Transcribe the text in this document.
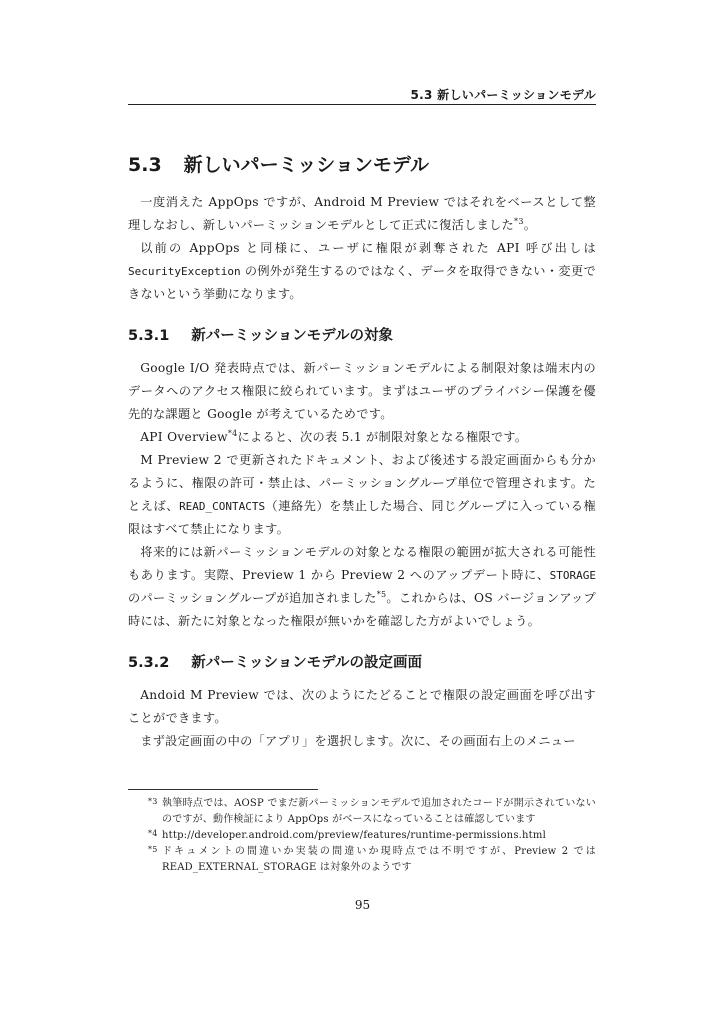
5.3 新しいパーミッションモデル
5.3 新しいパーミッションモデル

一度消えた AppOps ですが、Android M Preview ではそれをベースとして整理しなおし、新しいパーミッションモデルとして正式に復活しました$^{*3}$。

以前の AppOps と同様に、ユーザに権限が剥奪された API 呼び出しはSecurityException の例外が発生するのではなく、データを取得できない・変更できないという挙動になります。

5.3.1 新パーミッションモデルの対象

Google I/O 発表時点では、新パーミッションモデルによる制限対象は端末内のデータへのアクセス権限に絞られています。まずはユーザのプライバシー保護を優先的な課題と Google が考えているためです。

API Overview$^{*4}$によると、次の表 5.1 が制限対象となる権限です。

M Preview 2 で更新されたドキュメント、および後述する設定画面からも分かるように、権限の許可・禁止は、パーミッショングループ単位で管理されます。たとえば、READ_CONTACTS（連絡先）を禁止した場合、同じグループに入っている権限はすべて禁止になります。

将来的には新パーミッションモデルの対象となる権限の範囲が拡大される可能性もあります。実際、Preview 1 から Preview 2 へのアップデート時に、STORAGE のパーミッショングループが追加されました$^{*5}$。これからは、OS バージョンアップ時には、新たに対象となった権限が無いかを確認した方がよいでしょう。

5.3.2 新パーミッションモデルの設定画面

Andoid M Preview では、次のようにたどることで権限の設定画面を呼び出すことができます。

まず設定画面の中の「アプリ」を選択します。次に、その画面右上のメニュー

*3 執筆時点では、AOSP でまだ新パーミッションモデルで追加されたコードが開示されていないのですが、動作検証により AppOps がベースになっていることは確認しています
*4 http://developer.android.com/preview/features/runtime-permissions.html
*5 ドキュメントの間違いか実装の間違いか現時点では不明ですが、Preview 2 では READ_EXTERNAL_STORAGE は対象外のようです
95
